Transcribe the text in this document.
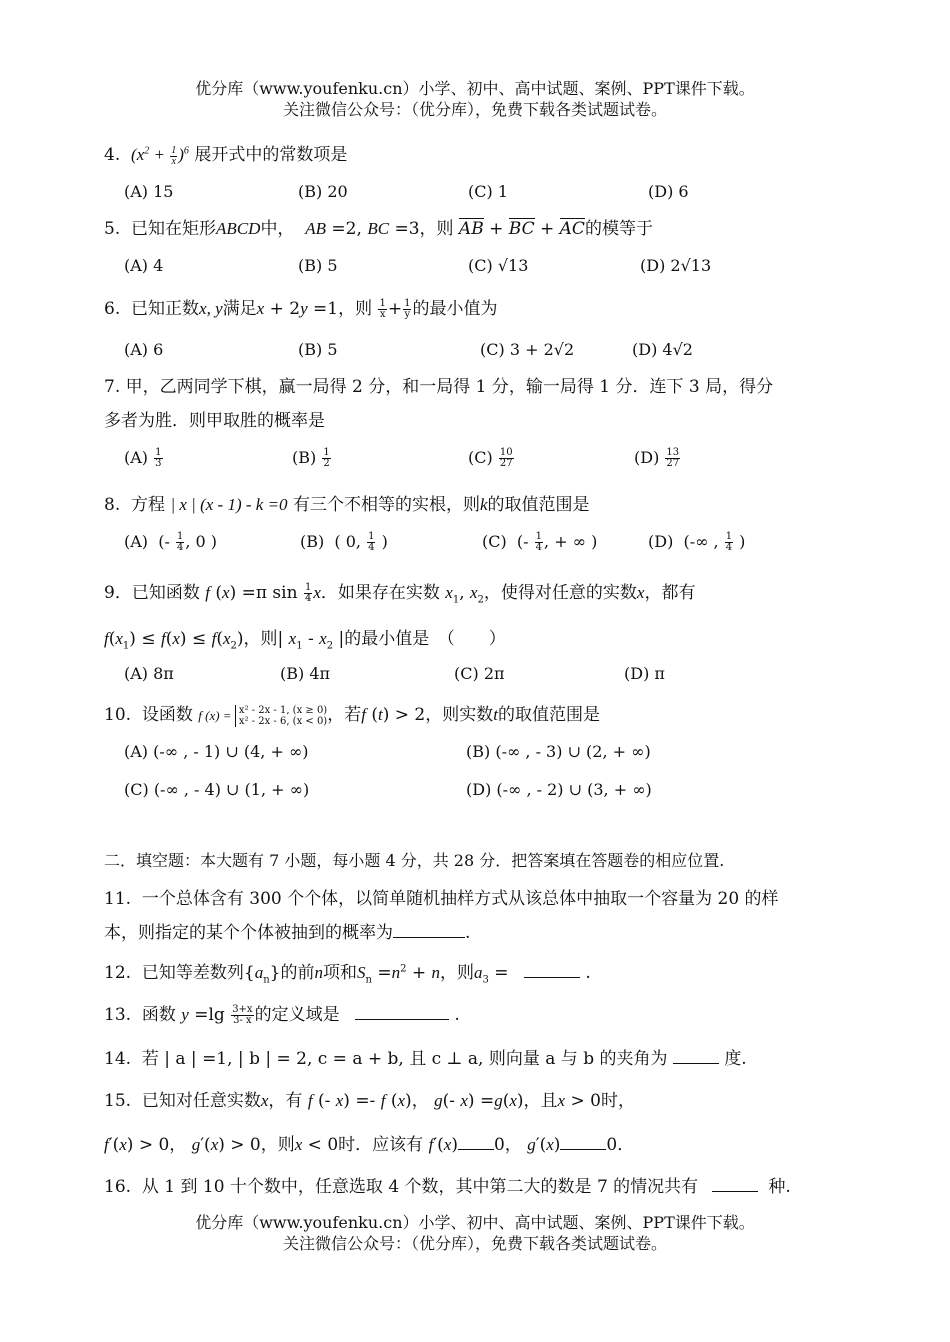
优分库（www.youfenku.cn）小学、初中、高中试题、案例、PPT课件下载。
关注微信公众号：（优分库），免费下载各类试题试卷。
4. $(x^2 + \frac{1}{x} )^6$ 展开式中的常数项是
(A) 15	(B) 20	(C) 1	(D) 6
5. 已知在矩形ABCD中， AB =2, BC =3，则 AB + BC + AC的模等于
(A) 4	(B) 5	(C) √13	(D) 2√13
6. 已知正数x, y满足x + 2y =1，则 $\frac{1}{x} + \frac{1}{y}$ 的最小值为
(A) 6	(B) 5	(C) 3 + 2√2	(D) 4√2
7. 甲，乙两同学下棋，赢一局得 2 分，和一局得 1 分，输一局得 1 分．连下 3 局，得分
多者为胜．则甲取胜的概率是
$(A) \frac{1}{3}$	$(B) \frac{1}{2}$	$(C) \frac{10}{27}$	$(D) \frac{13}{27}$
8. 方程 | x | (x - 1) - k =0 有三个不相等的实根，则k的取值范围是
(A)  (- $\frac{1}{4}$ , 0 )	(B)  ( 0, $\frac{1}{4}$ )	(C)  (- $\frac{1}{4}$ , + ∞ )	(D)  (-∞ , $\frac{1}{4}$ )
9．已知函数 f (x) =π $\sin \frac{1}{4}$ x．如果存在实数 $x_1$, $x_2$，使得对任意的实数x，都有
$f(x_1) \le f(x) \le f(x_2)$，则| $x_1 - x_2$ |的最小值是　（　　）
(A) 8π	(B) 4π	(C) 2π	(D) π
10. 设函数 f (x) = x² - 2x - 1, (x ≥ 0)
x² - 2x - 6, (x < 0)，若f (t) > 2，则实数t的取值范围是
(A) (-∞ , - 1) ∪ (4, + ∞)	(B) (-∞ , - 3) ∪ (2, + ∞)
(C) (-∞ , - 4) ∪ (1, + ∞)	(D) (-∞ , - 2) ∪ (3, + ∞)
二．填空题：本大题有 7 小题，每小题 4 分，共 28 分．把答案填在答题卷的相应位置.
11. 一个总体含有 300 个个体，以简单随机抽样方式从该总体中抽取一个容量为 20 的样
本，则指定的某个个体被抽到的概率为	.
12. 已知等差数列$\{a_n\}$的前n项和$S_n =n^2 + n$，则$a_3$ =	.
13. 函数 $y =\lg \frac{3+x}{3- x}$ 的定义域是	.
14. 若 | a | =1, | b | = 2, c = a + b, 且 c ⊥ a, 则向量 a 与 b 的夹角为	度.
15. 已知对任意实数x，有 f (- x) =- f (x)， g(- x) =g(x)，且x > 0时，
f′(x) > 0， g′(x) > 0，则x < 0时．应该有 f′(x) 0， g′(x)	0．
16. 从 1 到 10 十个数中，任意选取 4 个数，其中第二大的数是 7 的情况共有	种.
优分库（www.youfenku.cn）小学、初中、高中试题、案例、PPT课件下载。
关注微信公众号：（优分库），免费下载各类试题试卷。
